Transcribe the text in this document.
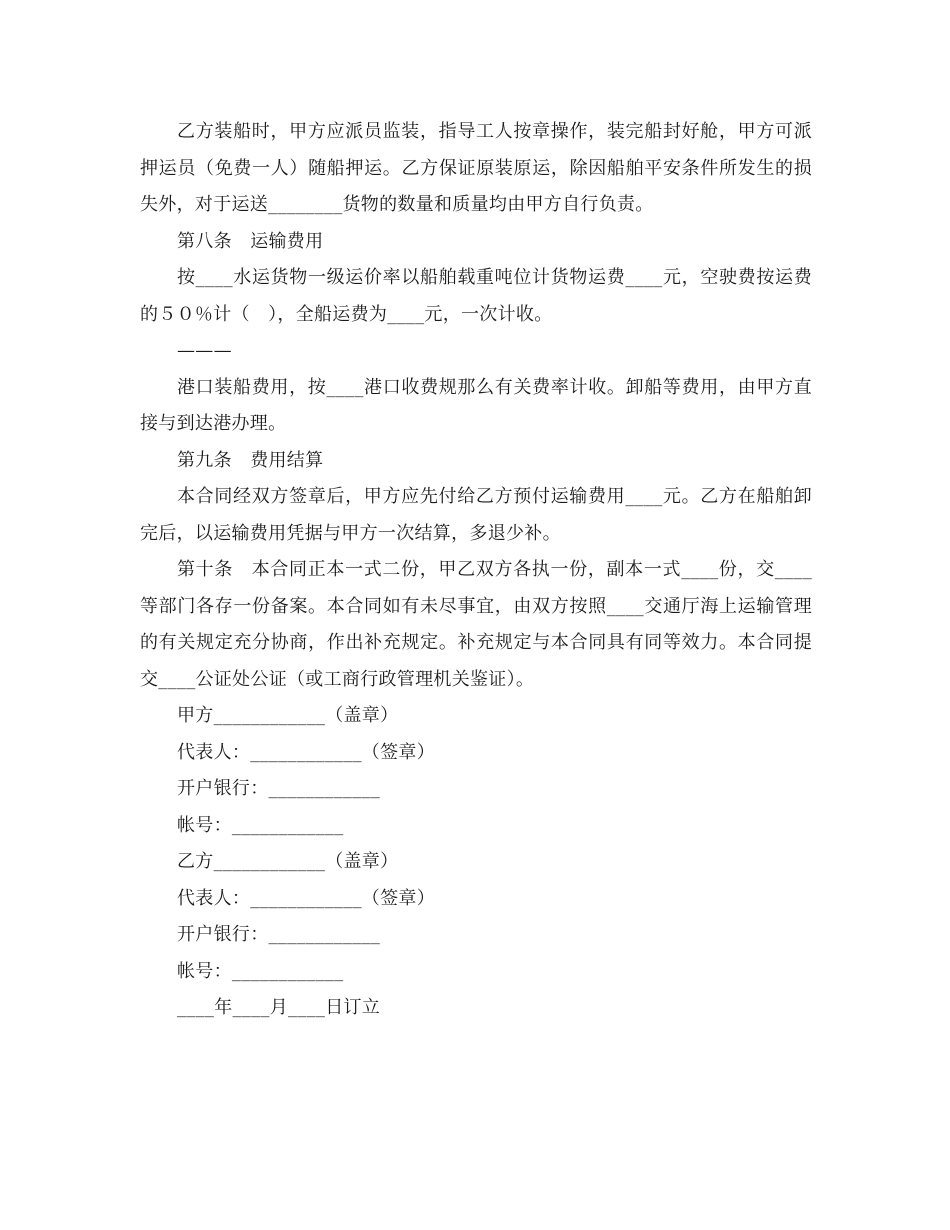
乙方装船时，甲方应派员监装，指导工人按章操作，装完船封好舱，甲方可派押运员（免费一人）随船押运。乙方保证原装原运，除因船舶平安条件所发生的损失外，对于运送________货物的数量和质量均由甲方自行负责。

第八条　运输费用

按____水运货物一级运价率以船舶载重吨位计货物运费____元，空驶费按运费的５０％计（　），全船运费为____元，一次计收。

———

港口装船费用，按____港口收费规那么有关费率计收。卸船等费用，由甲方直接与到达港办理。

第九条　费用结算

本合同经双方签章后，甲方应先付给乙方预付运输费用____元。乙方在船舶卸完后，以运输费用凭据与甲方一次结算，多退少补。

第十条　本合同正本一式二份，甲乙双方各执一份，副本一式____份，交____等部门各存一份备案。本合同如有未尽事宜，由双方按照____交通厅海上运输管理的有关规定充分协商，作出补充规定。补充规定与本合同具有同等效力。本合同提交____公证处公证（或工商行政管理机关鉴证）。

甲方____________（盖章）

代表人：____________（签章）

开户银行：____________

帐号：____________

乙方____________（盖章）

代表人：____________（签章）

开户银行：____________

帐号：____________

____年____月____日订立
